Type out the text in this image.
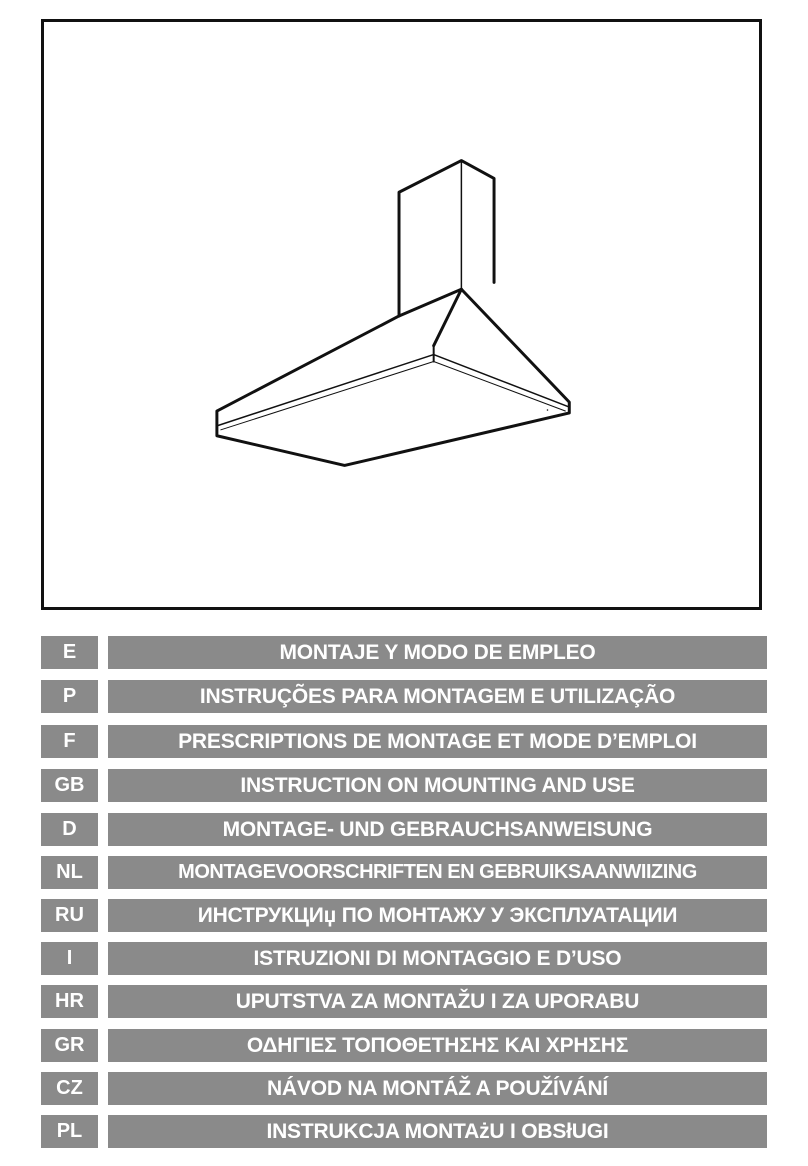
E	MONTAJE Y MODO DE EMPLEO
P	INSTRUÇÕES PARA MONTAGEM E UTILIZAÇÃO
F	PRESCRIPTIONS DE MONTAGE ET MODE D’EMPLOI
GB	INSTRUCTION ON MOUNTING AND USE
D	MONTAGE- UND GEBRAUCHSANWEISUNG
NL	MONTAGEVOORSCHRIFTEN EN GEBRUIKSAANWIIZING
RU	ИНСТРУКЦИџ ПО МОНТАЖУ У ЭКСПЛУАТАЦИИ
I	ISTRUZIONI DI MONTAGGIO E D’USO
HR	UPUTSTVA ZA MONTAŽU I ZA UPORABU
GR	ΟΔΗΓΙΕΣ ΤΟΠΟΘΕΤΗΣΗΣ ΚΑΙ ΧΡΗΣΗΣ
CZ	NÁVOD NA MONTÁŽ A POUŽÍVÁNÍ
PL	INSTRUKCJA MONTAżU I OBSłUGI
